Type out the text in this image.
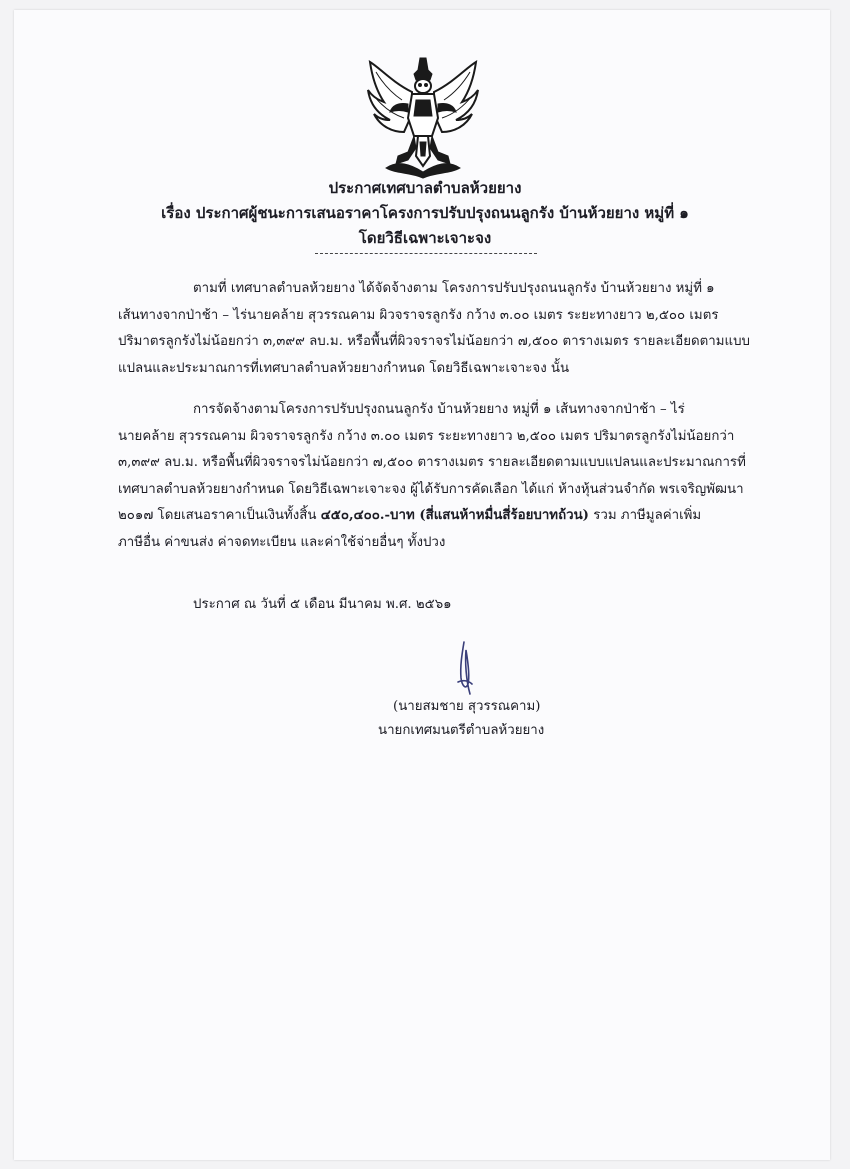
ประกาศเทศบาลตำบลห้วยยาง
เรื่อง ประกาศผู้ชนะการเสนอราคาโครงการปรับปรุงถนนลูกรัง บ้านห้วยยาง หมู่ที่ ๑
โดยวิธีเฉพาะเจาะจง
ตามที่ เทศบาลตำบลห้วยยาง ได้จัดจ้างตาม โครงการปรับปรุงถนนลูกรัง บ้านห้วยยาง หมู่ที่ ๑
เส้นทางจากป่าช้า – ไร่นายคล้าย สุวรรณคาม ผิวจราจรลูกรัง กว้าง ๓.๐๐ เมตร ระยะทางยาว ๒,๕๐๐ เมตร
ปริมาตรลูกรังไม่น้อยกว่า ๓,๓๙๙ ลบ.ม. หรือพื้นที่ผิวจราจรไม่น้อยกว่า ๗,๕๐๐ ตารางเมตร รายละเอียดตามแบบ
แปลนและประมาณการที่เทศบาลตำบลห้วยยางกำหนด โดยวิธีเฉพาะเจาะจง นั้น
การจัดจ้างตามโครงการปรับปรุงถนนลูกรัง บ้านห้วยยาง หมู่ที่ ๑ เส้นทางจากป่าช้า – ไร่
นายคล้าย สุวรรณคาม ผิวจราจรลูกรัง กว้าง ๓.๐๐ เมตร ระยะทางยาว ๒,๕๐๐ เมตร ปริมาตรลูกรังไม่น้อยกว่า
๓,๓๙๙ ลบ.ม. หรือพื้นที่ผิวจราจรไม่น้อยกว่า ๗,๕๐๐ ตารางเมตร รายละเอียดตามแบบแปลนและประมาณการที่
เทศบาลตำบลห้วยยางกำหนด โดยวิธีเฉพาะเจาะจง ผู้ได้รับการคัดเลือก ได้แก่ ห้างหุ้นส่วนจำกัด พรเจริญพัฒนา
๒๐๑๗ โดยเสนอราคาเป็นเงินทั้งสิ้น ๔๕๐,๔๐๐.-บาท (สี่แสนห้าหมื่นสี่ร้อยบาทถ้วน) รวม ภาษีมูลค่าเพิ่ม
ภาษีอื่น ค่าขนส่ง ค่าจดทะเบียน และค่าใช้จ่ายอื่นๆ ทั้งปวง
ประกาศ ณ วันที่ ๕ เดือน มีนาคม พ.ศ. ๒๕๖๑
(นายสมชาย สุวรรณคาม)
นายกเทศมนตรีตำบลห้วยยาง
